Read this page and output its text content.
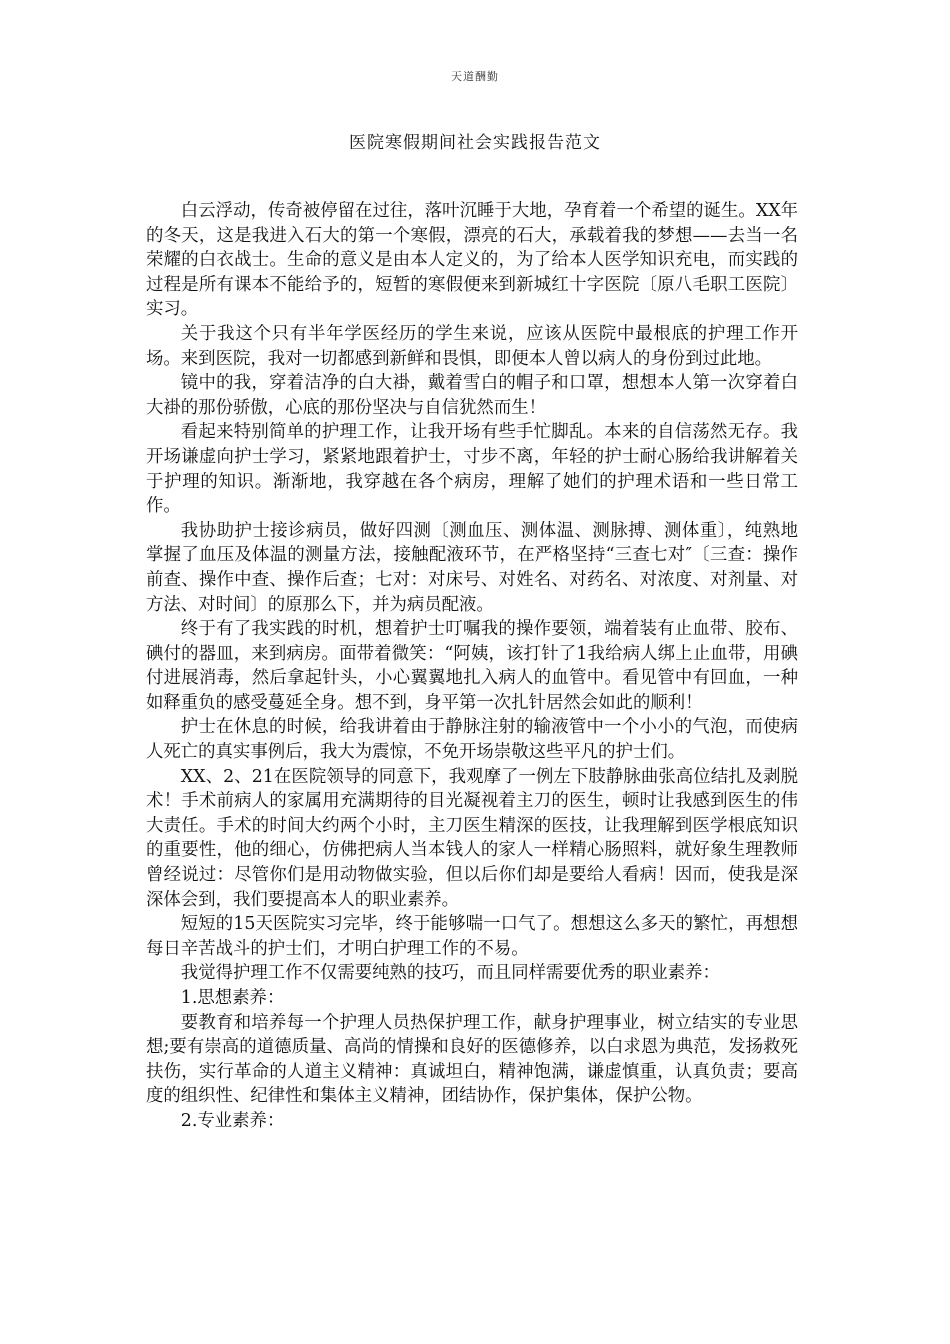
天道酬勤
医院寒假期间社会实践报告范文

白云浮动，传奇被停留在过往，落叶沉睡于大地，孕育着一个希望的诞生。XX年的冬天，这是我进入石大的第一个寒假，漂亮的石大，承载着我的梦想——去当一名荣耀的白衣战士。生命的意义是由本人定义的，为了给本人医学知识充电，而实践的过程是所有课本不能给予的，短暂的寒假便来到新城红十字医院〔原八毛职工医院〕实习。

关于我这个只有半年学医经历的学生来说，应该从医院中最根底的护理工作开场。来到医院，我对一切都感到新鲜和畏惧，即便本人曾以病人的身份到过此地。

镜中的我，穿着洁净的白大褂，戴着雪白的帽子和口罩，想想本人第一次穿着白大褂的那份骄傲，心底的那份坚决与自信犹然而生！

看起来特别简单的护理工作，让我开场有些手忙脚乱。本来的自信荡然无存。我开场谦虚向护士学习，紧紧地跟着护士，寸步不离，年轻的护士耐心肠给我讲解着关于护理的知识。渐渐地，我穿越在各个病房，理解了她们的护理术语和一些日常工作。

我协助护士接诊病员，做好四测〔测血压、测体温、测脉搏、测体重〕，纯熟地掌握了血压及体温的测量方法，接触配液环节，在严格坚持“三查七对″〔三查：操作前查、操作中查、操作后查；七对：对床号、对姓名、对药名、对浓度、对剂量、对方法、对时间〕的原那么下，并为病员配液。

终于有了我实践的时机，想着护士叮嘱我的操作要领，端着装有止血带、胶布、碘付的器皿，来到病房。面带着微笑：“阿姨，该打针了1我给病人绑上止血带，用碘付进展消毒，然后拿起针头，小心翼翼地扎入病人的血管中。看见管中有回血，一种如释重负的感受蔓延全身。想不到，身平第一次扎针居然会如此的顺利！

护士在休息的时候，给我讲着由于静脉注射的输液管中一个小小的气泡，而使病人死亡的真实事例后，我大为震惊，不免开场崇敬这些平凡的护士们。

XX、2、21在医院领导的同意下，我观摩了一例左下肢静脉曲张高位结扎及剥脱术！手术前病人的家属用充满期待的目光凝视着主刀的医生，顿时让我感到医生的伟大责任。手术的时间大约两个小时，主刀医生精深的医技，让我理解到医学根底知识的重要性，他的细心，仿佛把病人当本钱人的家人一样精心肠照料，就好象生理教师曾经说过：尽管你们是用动物做实验，但以后你们却是要给人看病！因而，使我是深深体会到，我们要提高本人的职业素养。

短短的15天医院实习完毕，终于能够喘一口气了。想想这么多天的繁忙，再想想每日辛苦战斗的护士们，才明白护理工作的不易。

我觉得护理工作不仅需要纯熟的技巧，而且同样需要优秀的职业素养：

1.思想素养：

要教育和培养每一个护理人员热保护理工作，献身护理事业，树立结实的专业思想;要有崇高的道德质量、高尚的情操和良好的医德修养，以白求恩为典范，发扬救死扶伤，实行革命的人道主义精神：真诚坦白，精神饱满，谦虚慎重，认真负责；要高度的组织性、纪律性和集体主义精神，团结协作，保护集体，保护公物。

2.专业素养：
